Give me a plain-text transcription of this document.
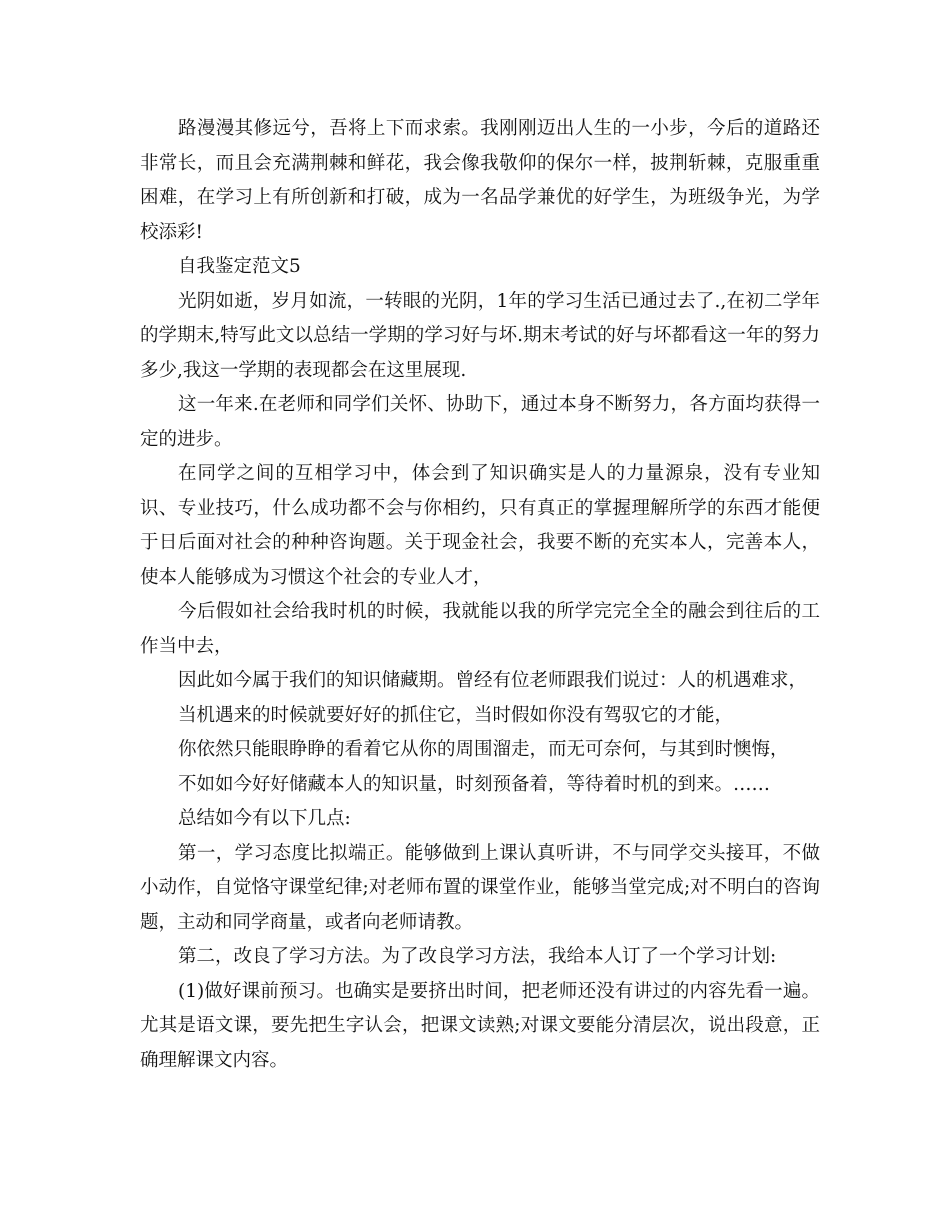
路漫漫其修远兮，吾将上下而求索。我刚刚迈出人生的一小步，今后的道路还非常长，而且会充满荆棘和鲜花，我会像我敬仰的保尔一样，披荆斩棘，克服重重困难，在学习上有所创新和打破，成为一名品学兼优的好学生，为班级争光，为学校添彩!

自我鉴定范文5

光阴如逝，岁月如流，一转眼的光阴，1年的学习生活已通过去了.,在初二学年的学期末,特写此文以总结一学期的学习好与坏.期末考试的好与坏都看这一年的努力多少,我这一学期的表现都会在这里展现.

这一年来.在老师和同学们关怀、协助下，通过本身不断努力，各方面均获得一定的进步。

在同学之间的互相学习中，体会到了知识确实是人的力量源泉，没有专业知识、专业技巧，什么成功都不会与你相约，只有真正的掌握理解所学的东西才能便于日后面对社会的种种咨询题。关于现金社会，我要不断的充实本人，完善本人，使本人能够成为习惯这个社会的专业人才，

今后假如社会给我时机的时候，我就能以我的所学完完全全的融会到往后的工作当中去，

因此如今属于我们的知识储藏期。曾经有位老师跟我们说过：人的机遇难求，

当机遇来的时候就要好好的抓住它，当时假如你没有驾驭它的才能，

你依然只能眼睁睁的看着它从你的周围溜走，而无可奈何，与其到时懊悔，

不如如今好好储藏本人的知识量，时刻预备着，等待着时机的到来。……

总结如今有以下几点:

第一，学习态度比拟端正。能够做到上课认真听讲，不与同学交头接耳，不做小动作，自觉恪守课堂纪律;对老师布置的课堂作业，能够当堂完成;对不明白的咨询题，主动和同学商量，或者向老师请教。

第二，改良了学习方法。为了改良学习方法，我给本人订了一个学习计划:

(1)做好课前预习。也确实是要挤出时间，把老师还没有讲过的内容先看一遍。尤其是语文课，要先把生字认会，把课文读熟;对课文要能分清层次，说出段意，正确理解课文内容。
